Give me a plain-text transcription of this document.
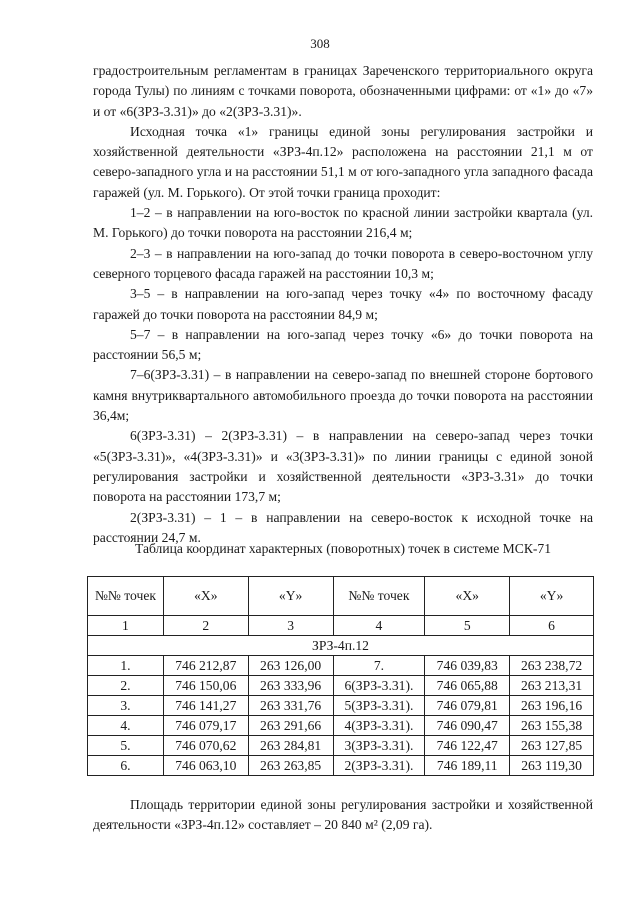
308

градостроительным регламентам в границах Зареченского территориального округа города Тулы) по линиям с точками поворота, обозначенными цифрами: от «1» до «7» и от «6(ЗРЗ-3.31)» до «2(ЗРЗ-3.31)».

Исходная точка «1» границы единой зоны регулирования застройки и хозяйственной деятельности «ЗРЗ-4п.12» расположена на расстоянии 21,1 м от северо-западного угла и на расстоянии 51,1 м от юго-западного угла западного фасада гаражей (ул. М. Горького). От этой точки граница проходит:

1–2 – в направлении на юго-восток по красной линии застройки квартала (ул. М. Горького) до точки поворота на расстоянии 216,4 м;

2–3 – в направлении на юго-запад до точки поворота в северо-восточном углу северного торцевого фасада гаражей на расстоянии 10,3 м;

3–5 – в направлении на юго-запад через точку «4» по восточному фасаду гаражей до точки поворота на расстоянии 84,9 м;

5–7 – в направлении на юго-запад через точку «6» до точки поворота на расстоянии 56,5 м;

7–6(ЗРЗ-3.31) – в направлении на северо-запад по внешней стороне бортового камня внутриквартального автомобильного проезда до точки поворота на расстоянии 36,4м;

6(ЗРЗ-3.31) – 2(ЗРЗ-3.31) – в направлении на северо-запад через точки «5(ЗРЗ-3.31)», «4(ЗРЗ-3.31)» и «3(ЗРЗ-3.31)» по линии границы с единой зоной регулирования застройки и хозяйственной деятельности «ЗРЗ-3.31» до точки поворота на расстоянии 173,7 м;

2(ЗРЗ-3.31) – 1 – в направлении на северо-восток к исходной точке на расстоянии 24,7 м.

Таблица координат характерных (поворотных) точек в системе МСК-71
№№ точек	«X»	«Y»	№№ точек	«X»	«Y»
1	2	3	4	5	6
ЗРЗ-4п.12					
1.	746 212,87	263 126,00	7.	746 039,83	263 238,72
2.	746 150,06	263 333,96	6(ЗРЗ-3.31).	746 065,88	263 213,31
3.	746 141,27	263 331,76	5(ЗРЗ-3.31).	746 079,81	263 196,16
4.	746 079,17	263 291,66	4(ЗРЗ-3.31).	746 090,47	263 155,38
5.	746 070,62	263 284,81	3(ЗРЗ-3.31).	746 122,47	263 127,85
6.	746 063,10	263 263,85	2(ЗРЗ-3.31).	746 189,11	263 119,30

Площадь территории единой зоны регулирования застройки и хозяйственной деятельности «ЗРЗ-4п.12» составляет – 20 840 м² (2,09 га).
